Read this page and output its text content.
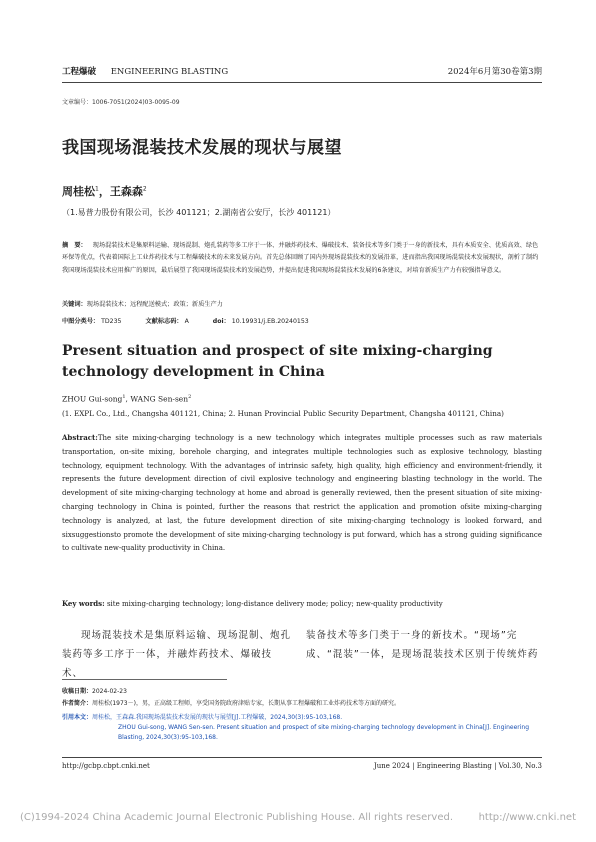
工程爆破 ENGINEERING BLASTING	2024年6月第30卷第3期
文章编号：1006-7051(2024)03-0095-09
我国现场混装技术发展的现状与展望
周桂松$^1$，王森森$^2$
（1.易普力股份有限公司，长沙 401121；2.湖南省公安厅，长沙 401121）
摘　要： 现场混装技术是集原料运输、现场混制、炮孔装药等多工序于一体、并融炸药技术、爆破技术、装备技术等多门类于一身的新技术，具有本质安全、优质高效、绿色环保等优点，代表着国际上工业炸药技术与工程爆破技术的未来发展方向。首先总体回顾了国内外现场混装技术的发展沿革，进而指出我国现场混装技术发展现状，剖析了制约我国现场混装技术应用推广的原因，最后展望了我国现场混装技术的发展趋势，并提出促进我国现场混装技术发展的6条建议，对培育新质生产力有较强指导意义。
关键词：现场混装技术；远程配送模式；政策；新质生产力
中图分类号： TD235	文献标志码： A	doi： 10.19931/j.EB.20240153
Present situation and prospect of site mixing-charging technology development in China
ZHOU Gui-song$^1$, WANG Sen-sen$^2$
(1. EXPL Co., Ltd., Changsha 401121, China; 2. Hunan Provincial Public Security Department, Changsha 401121, China)
Abstract:The site mixing-charging technology is a new technology which integrates multiple processes such as raw materials transportation, on-site mixing, borehole charging, and integrates multiple technologies such as explosive technology, blasting technology, equipment technology. With the advantages of intrinsic safety, high quality, high efficiency and environment-friendly, it represents the future development direction of civil explosive technology and engineering blasting technology in the world. The development of site mixing-charging technology at home and abroad is generally reviewed, then the present situation of site mixing-charging technology in China is pointed, further the reasons that restrict the application and promotion ofsite mixing-charging technology is analyzed, at last, the future development direction of site mixing-charging technology is looked forward, and sixsuggestionsto promote the development of site mixing-charging technology is put forward, which has a strong guiding significance to cultivate new-quality productivity in China.
Key words: site mixing-charging technology; long-distance delivery mode; policy; new-quality productivity
现场混装技术是集原料运输、现场混制、炮孔装药等多工序于一体，并融炸药技术、爆破技术、
装备技术等多门类于一身的新技术。“现场”完成、“混装”一体，是现场混装技术区别于传统炸药
收稿日期：2024-02-23
作者简介：周桂松(1973－)，男，正高级工程师，享受国务院政府津贴专家，长期从事工程爆破和工业炸药技术等方面的研究。
引用本文：周桂松，王森森.我国现场混装技术发展的现状与展望[J].工程爆破，2024,30(3):95-103,168.
ZHOU Gui-song, WANG Sen-sen. Present situation and prospect of site mixing-charging technology development in China[J]. Engineering Blasting, 2024,30(3):95-103,168.
http://gcbp.cbpt.cnki.net	June 2024 | Engineering Blasting | Vol.30, No.3
(C)1994-2024 China Academic Journal Electronic Publishing House. All rights reserved.	http://www.cnki.net
